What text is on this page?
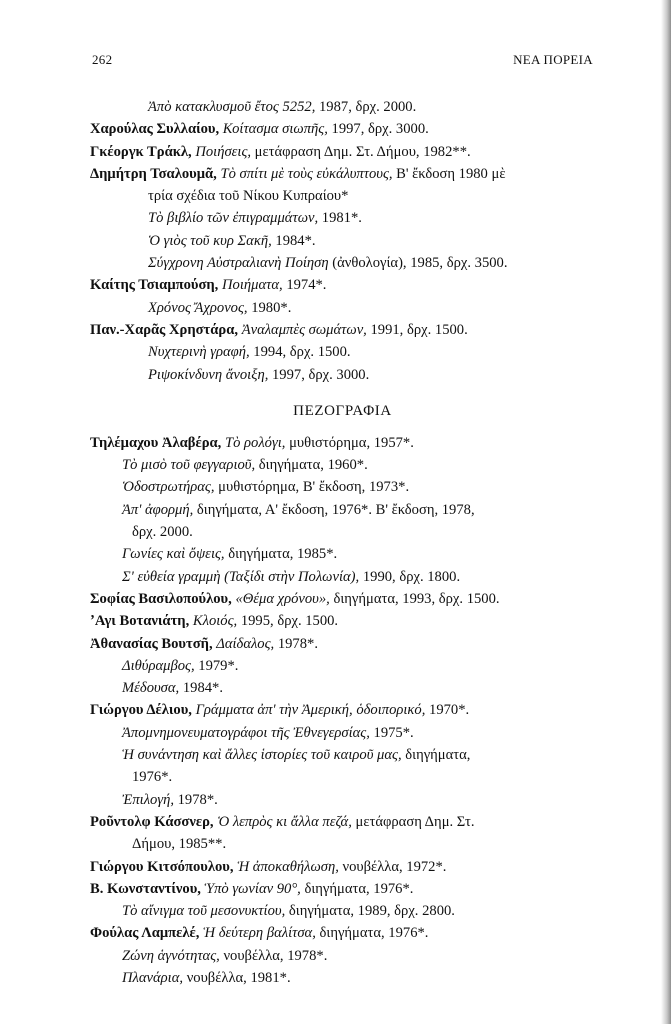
262	ΝΕΑ ΠΟΡΕΙΑ
Ἀπὸ κατακλυσμοῦ ἔτος 5252, 1987, δρχ. 2000.
Χαρούλας Συλλαίου, Κοίτασμα σιωπῆς, 1997, δρχ. 3000.
Γκέοργκ Τράκλ, Ποιήσεις, μετάφραση Δημ. Στ. Δήμου, 1982**.
Δημήτρη Τσαλουμᾶ, Τὸ σπίτι μὲ τοὺς εὐκάλυπτους, Β' ἔκδοση 1980 μὲ
τρία σχέδια τοῦ Νίκου Κυπραίου*
Τὸ βιβλίο τῶν ἐπιγραμμάτων, 1981*.
Ὁ γιὸς τοῦ κυρ Σακῆ, 1984*.
Σύγχρονη Αὐστραλιανὴ Ποίηση (ἀνθολογία), 1985, δρχ. 3500.
Καίτης Τσιαμπούση, Ποιήματα, 1974*.
Χρόνος Ἄχρονος, 1980*.
Παν.-Χαρᾶς Χρηστάρα, Ἀναλαμπὲς σωμάτων, 1991, δρχ. 1500.
Νυχτερινὴ γραφή, 1994, δρχ. 1500.
Ριψοκίνδυνη ἄνοιξη, 1997, δρχ. 3000.
ΠΕΖΟΓΡΑΦΙΑ
Τηλέμαχου Ἀλαβέρα, Τὸ ρολόγι, μυθιστόρημα, 1957*.
Τὸ μισὸ τοῦ φεγγαριοῦ, διηγήματα, 1960*.
Ὁδοστρωτήρας, μυθιστόρημα, Β' ἔκδοση, 1973*.
Ἀπ' ἀφορμή, διηγήματα, Α' ἔκδοση, 1976*. Β' ἔκδοση, 1978,
δρχ. 2000.
Γωνίες καὶ ὄψεις, διηγήματα, 1985*.
Σ' εὐθεία γραμμὴ (Ταξίδι στὴν Πολωνία), 1990, δρχ. 1800.
Σοφίας Βασιλοπούλου, «Θέμα χρόνου», διηγήματα, 1993, δρχ. 1500.
ʼΑγι Βοτανιάτη, Κλοιός, 1995, δρχ. 1500.
Ἀθανασίας Βουτσῆ, Δαίδαλος, 1978*.
Διθύραμβος, 1979*.
Μέδουσα, 1984*.
Γιώργου Δέλιου, Γράμματα ἀπ' τὴν Ἀμερική, ὁδοιπορικό, 1970*.
Ἀπομνημονευματογράφοι τῆς Ἐθνεγερσίας, 1975*.
Ἡ συνάντηση καὶ ἄλλες ἱστορίες τοῦ καιροῦ μας, διηγήματα,
1976*.
Ἐπιλογή, 1978*.
Ροῦντολφ Κάσσνερ, Ὁ λεπρὸς κι ἄλλα πεζά, μετάφραση Δημ. Στ.
Δήμου, 1985**.
Γιώργου Κιτσόπουλου, Ἡ ἀποκαθήλωση, νουβέλλα, 1972*.
Β. Κωνσταντίνου, Ὑπὸ γωνίαν 90°, διηγήματα, 1976*.
Τὸ αἴνιγμα τοῦ μεσονυκτίου, διηγήματα, 1989, δρχ. 2800.
Φούλας Λαμπελέ, Ἡ δεύτερη βαλίτσα, διηγήματα, 1976*.
Ζώνη ἁγνότητας, νουβέλλα, 1978*.
Πλανάρια, νουβέλλα, 1981*.
